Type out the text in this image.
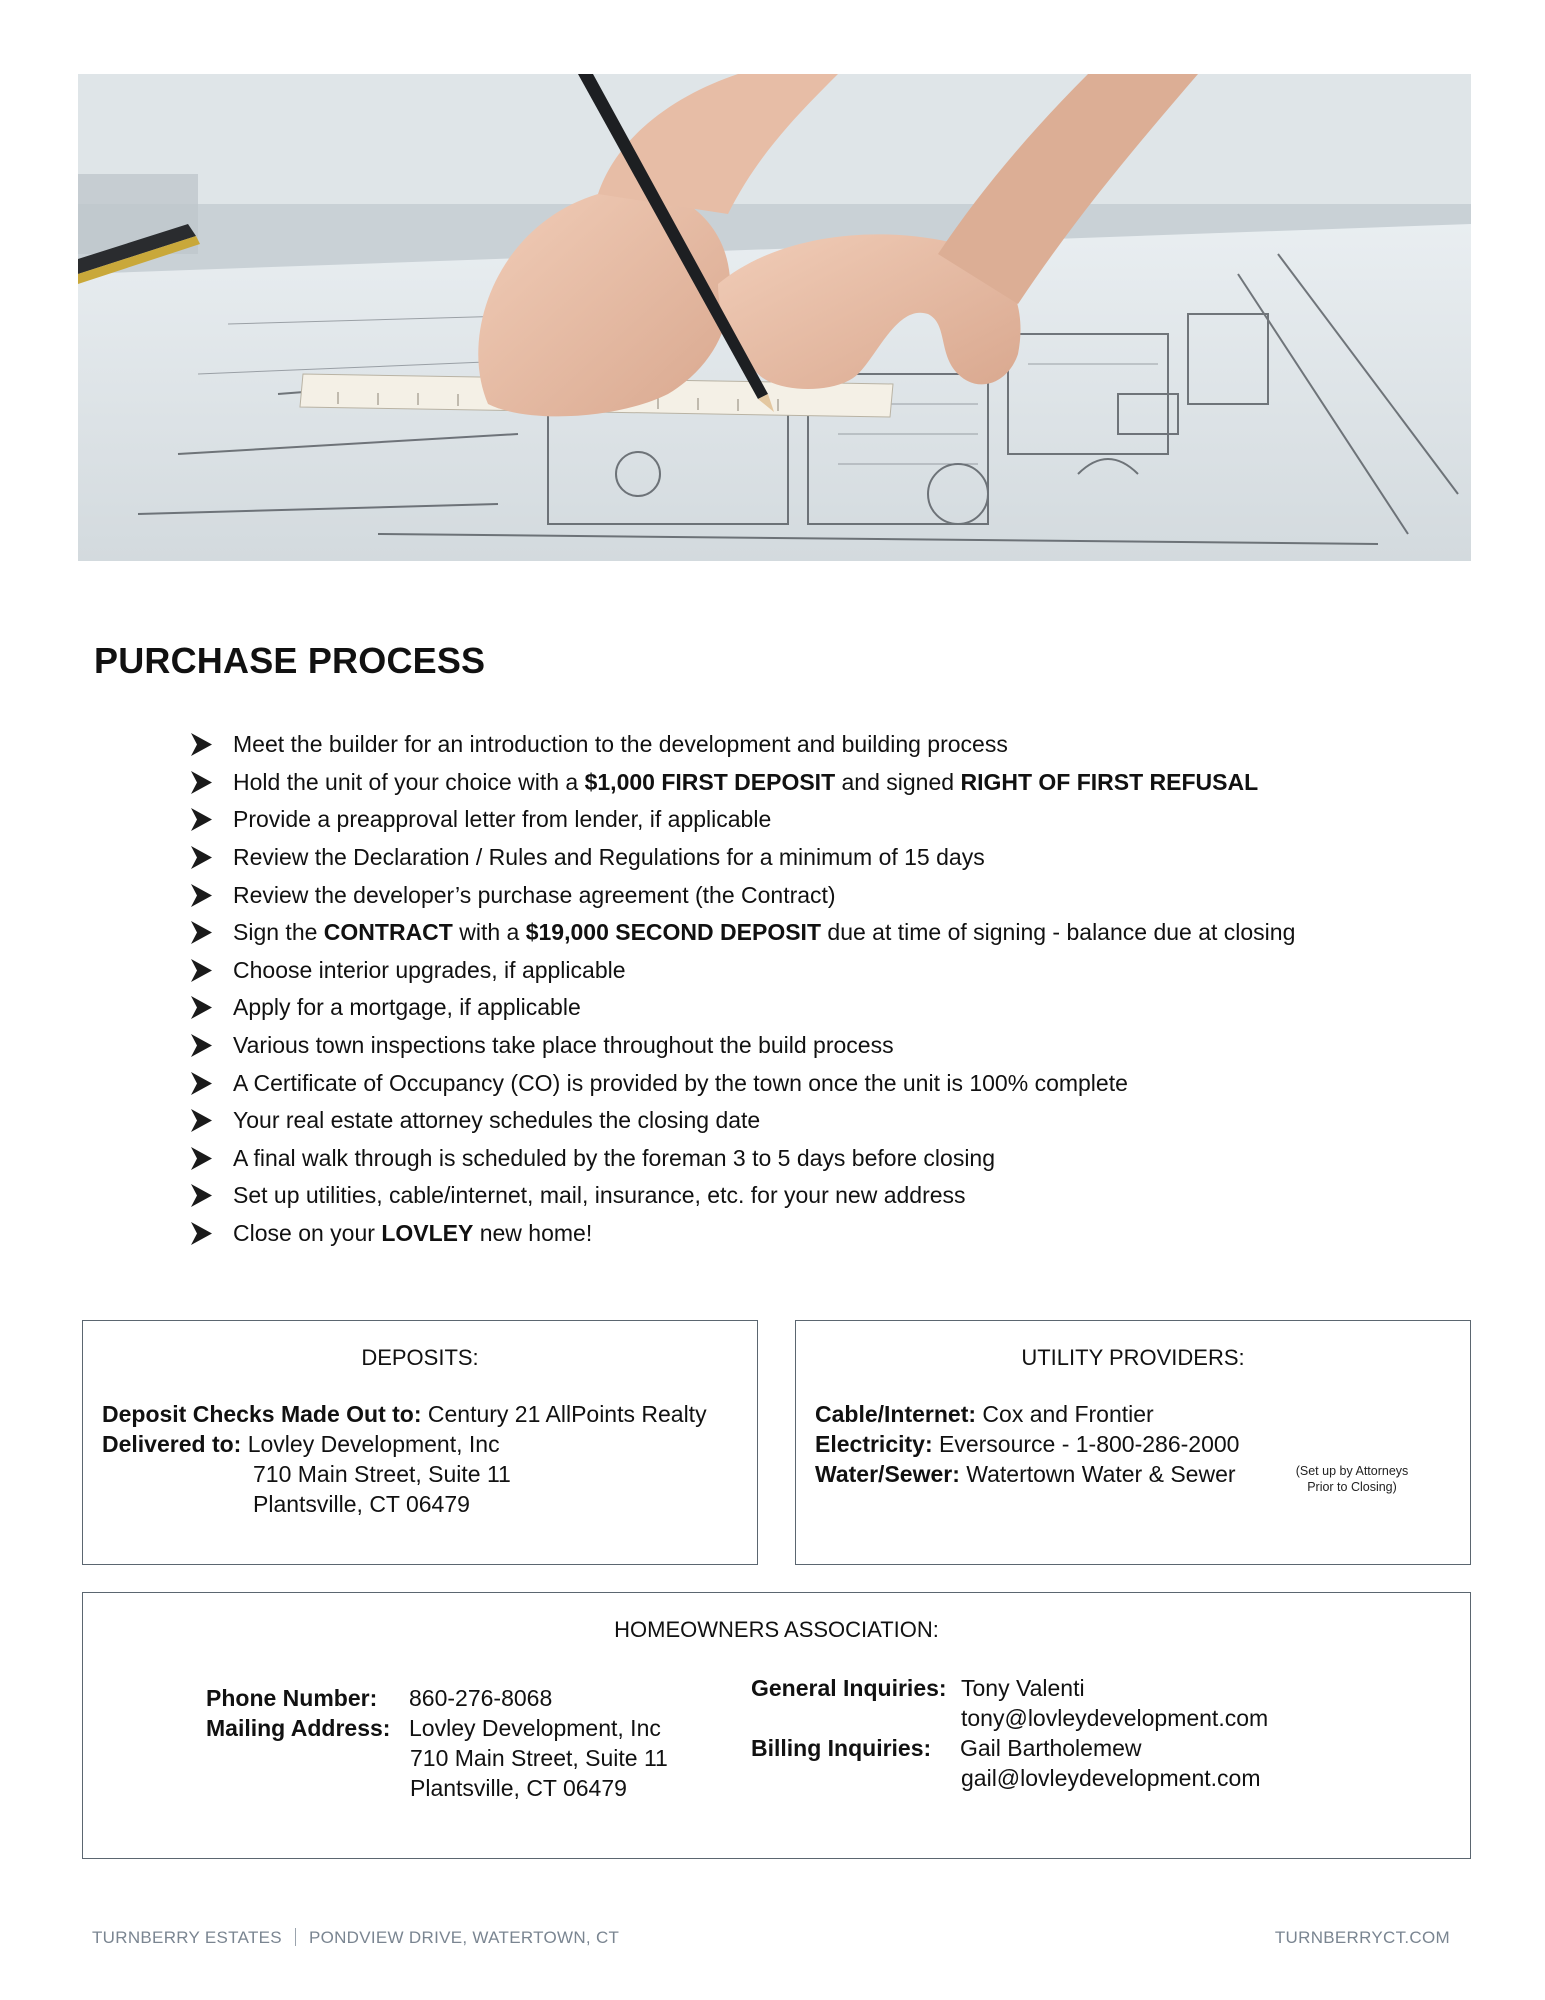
PURCHASE PROCESS
Meet the builder for an introduction to the development and building process
Hold the unit of your choice with a $1,000 FIRST DEPOSIT and signed RIGHT OF FIRST REFUSAL
Provide a preapproval letter from lender, if applicable
Review the Declaration / Rules and Regulations for a minimum of 15 days
Review the developer’s purchase agreement (the Contract)
Sign the CONTRACT with a $19,000 SECOND DEPOSIT due at time of signing - balance due at closing
Choose interior upgrades, if applicable
Apply for a mortgage, if applicable
Various town inspections take place throughout the build process
A Certificate of Occupancy (CO) is provided by the town once the unit is 100% complete
Your real estate attorney schedules the closing date
A final walk through is scheduled by the foreman 3 to 5 days before closing
Set up utilities, cable/internet, mail, insurance, etc. for your new address
Close on your LOVLEY new home!
DEPOSITS:
Deposit Checks Made Out to: Century 21 AllPoints Realty
Delivered to: Lovley Development, Inc
710 Main Street, Suite 11
Plantsville, CT 06479
UTILITY PROVIDERS:
Cable/Internet: Cox and Frontier
Electricity: Eversource - 1-800-286-2000
Water/Sewer: Watertown Water & Sewer	(Set up by Attorneys
Prior to Closing)
HOMEOWNERS ASSOCIATION:
Phone Number: 860-276-8068
Mailing Address: Lovley Development, Inc
710 Main Street, Suite 11
Plantsville, CT 06479
General Inquiries: Tony Valenti
tony@lovleydevelopment.com
Billing Inquiries: Gail Bartholemew
gail@lovleydevelopment.com
TURNBERRY ESTATES PONDVIEW DRIVE, WATERTOWN, CT	TURNBERRYCT.COM
